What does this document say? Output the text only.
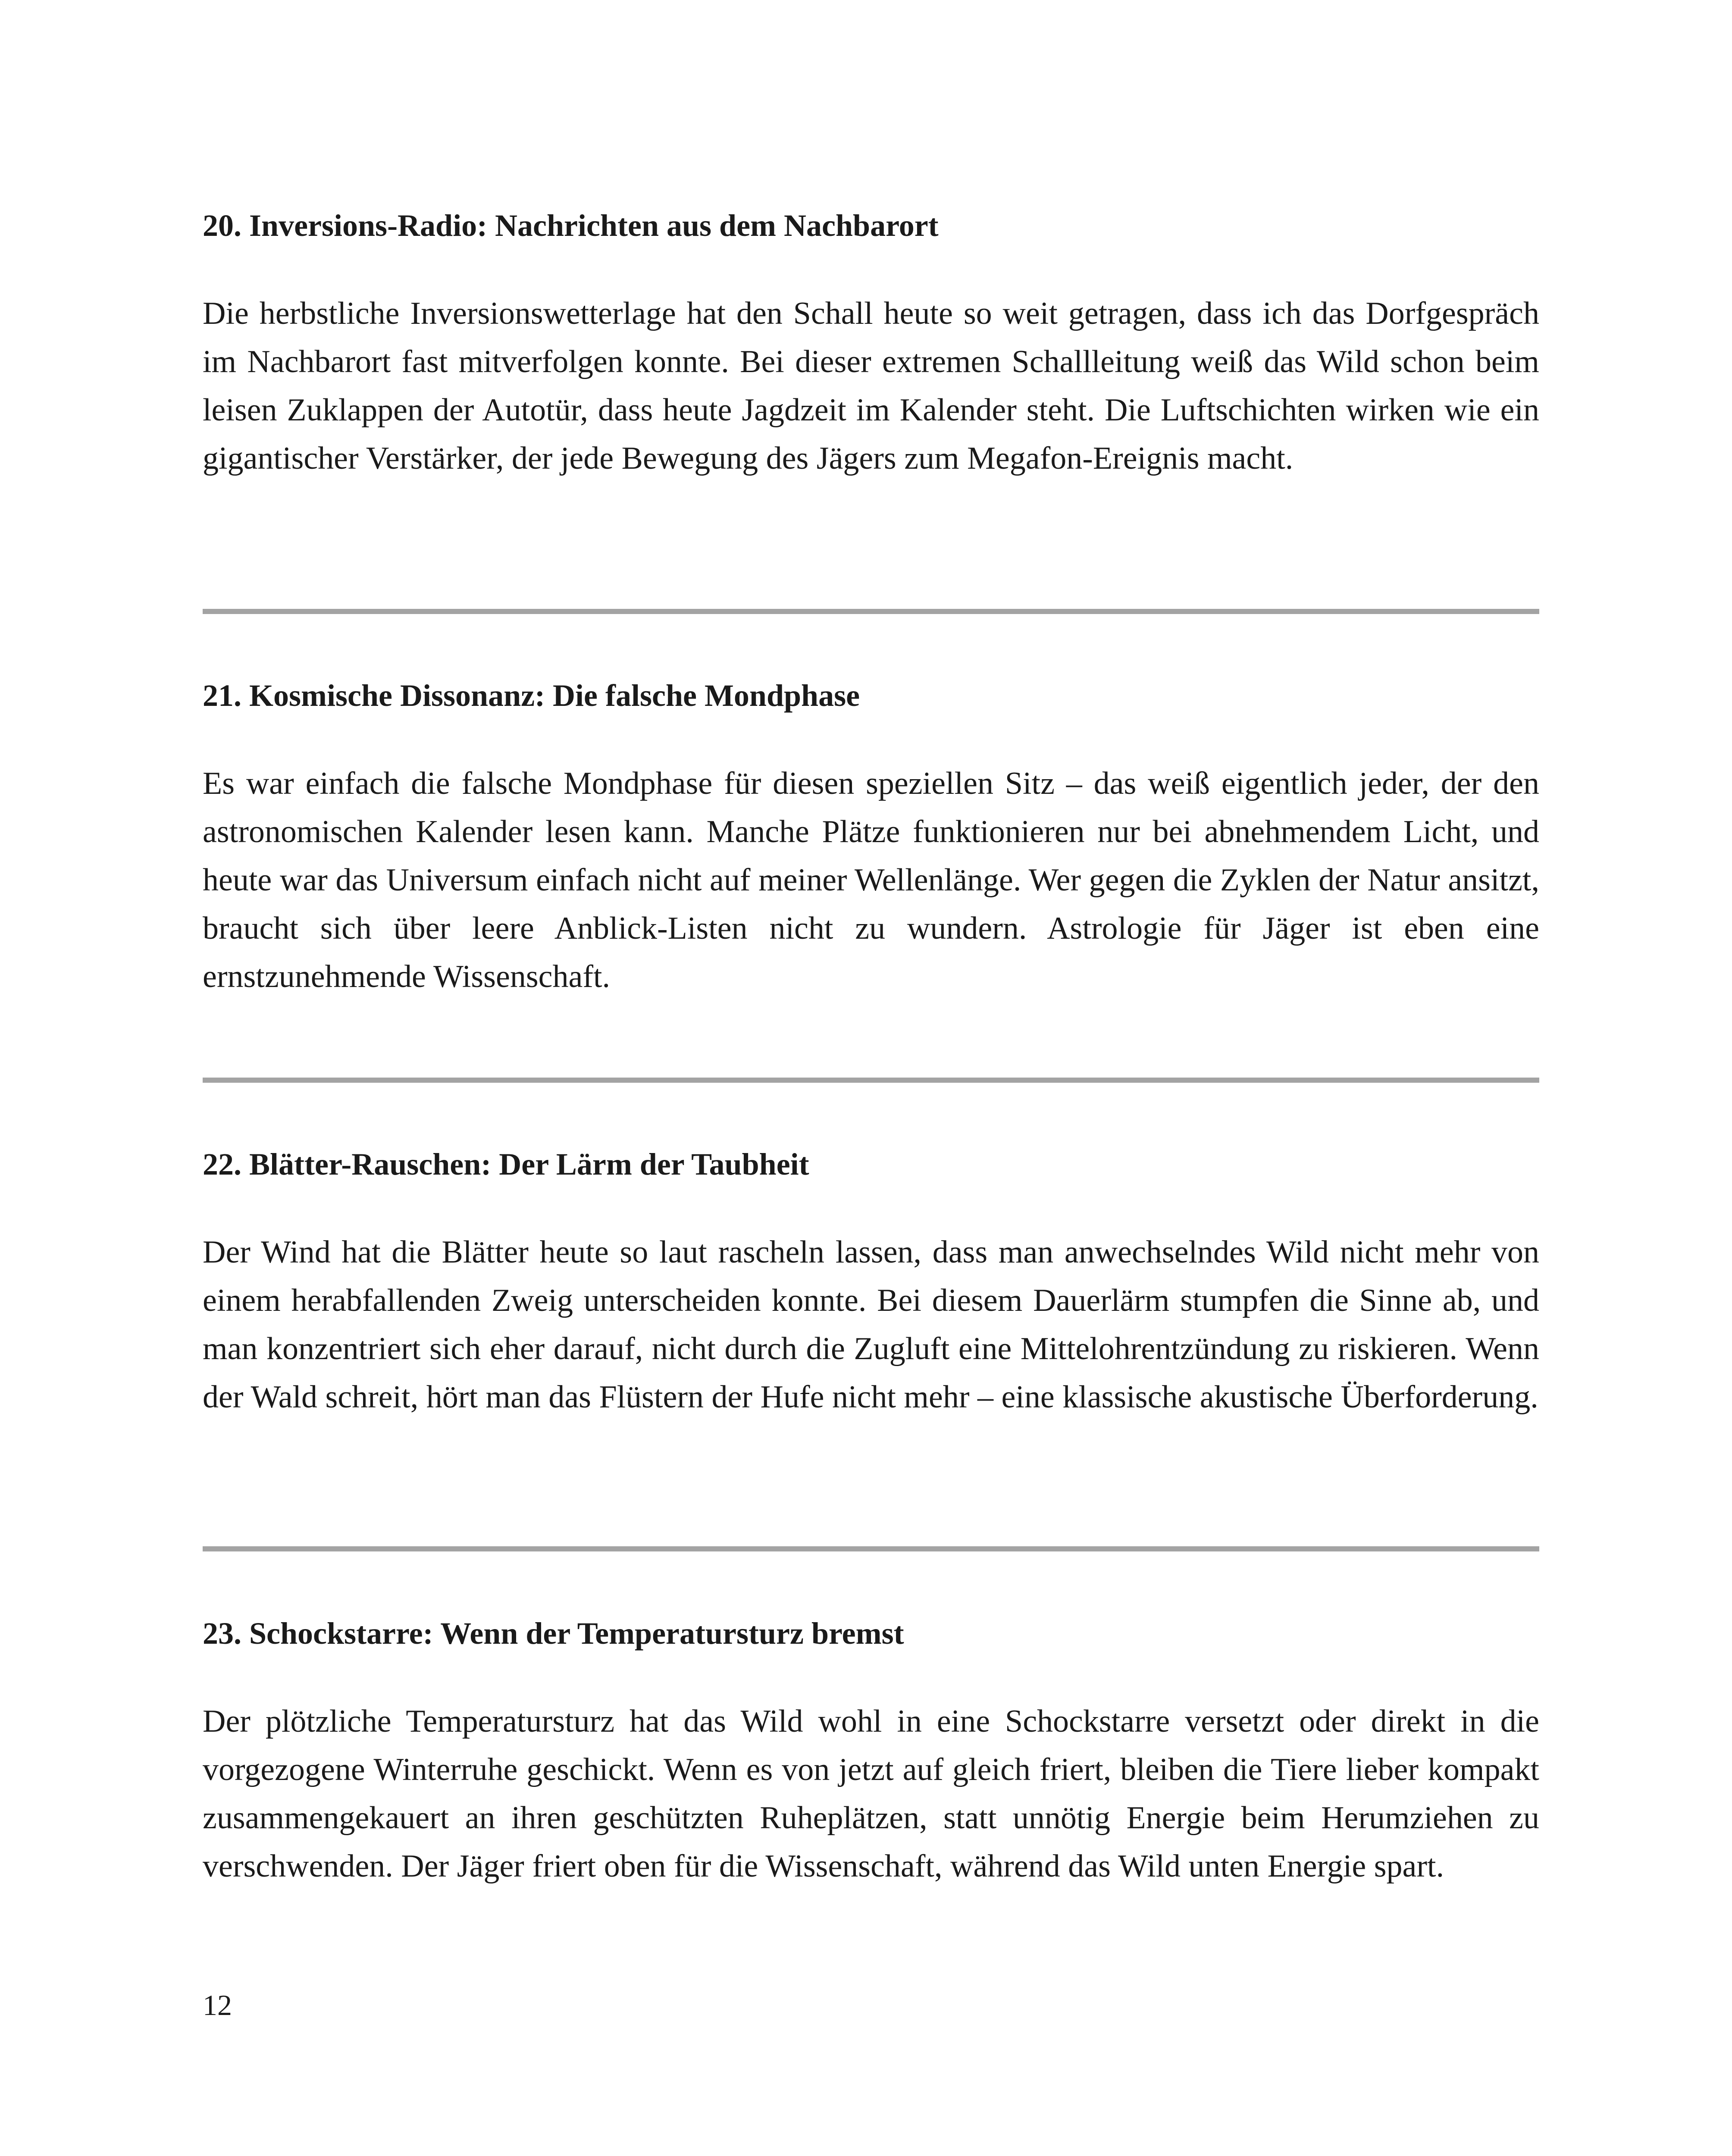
20. Inversions-Radio: Nachrichten aus dem Nachbarort

Die herbstliche Inversionswetterlage hat den Schall heute so weit getragen, dass ich das Dorfgespräch im Nachbarort fast mitverfolgen konnte. Bei dieser extremen Schallleitung weiß das Wild schon beim leisen Zuklappen der Autotür, dass heute Jagdzeit im Kalender steht. Die Luftschichten wirken wie ein gigantischer Verstärker, der jede Bewegung des Jägers zum Megafon-Ereignis macht.

21. Kosmische Dissonanz: Die falsche Mondphase

Es war einfach die falsche Mondphase für diesen speziellen Sitz – das weiß eigentlich jeder, der den astronomischen Kalender lesen kann. Manche Plätze funktionieren nur bei abnehmendem Licht, und heute war das Universum einfach nicht auf meiner Wellenlänge. Wer gegen die Zyklen der Natur ansitzt, braucht sich über leere Anblick-Listen nicht zu wundern. Astrologie für Jäger ist eben eine ernstzunehmende Wissenschaft.

22. Blätter-Rauschen: Der Lärm der Taubheit

Der Wind hat die Blätter heute so laut rascheln lassen, dass man anwechselndes Wild nicht mehr von einem herabfallenden Zweig unterscheiden konnte. Bei diesem Dauerlärm stumpfen die Sinne ab, und man konzentriert sich eher darauf, nicht durch die Zugluft eine Mittelohrentzündung zu riskieren. Wenn der Wald schreit, hört man das Flüstern der Hufe nicht mehr – eine klassische akustische Überforderung.

23. Schockstarre: Wenn der Temperatursturz bremst

Der plötzliche Temperatursturz hat das Wild wohl in eine Schockstarre versetzt oder direkt in die vorgezogene Winterruhe geschickt. Wenn es von jetzt auf gleich friert, bleiben die Tiere lieber kompakt zusammengekauert an ihren geschützten Ruheplätzen, statt unnötig Energie beim Herumziehen zu verschwenden. Der Jäger friert oben für die Wissenschaft, während das Wild unten Energie spart.

12
